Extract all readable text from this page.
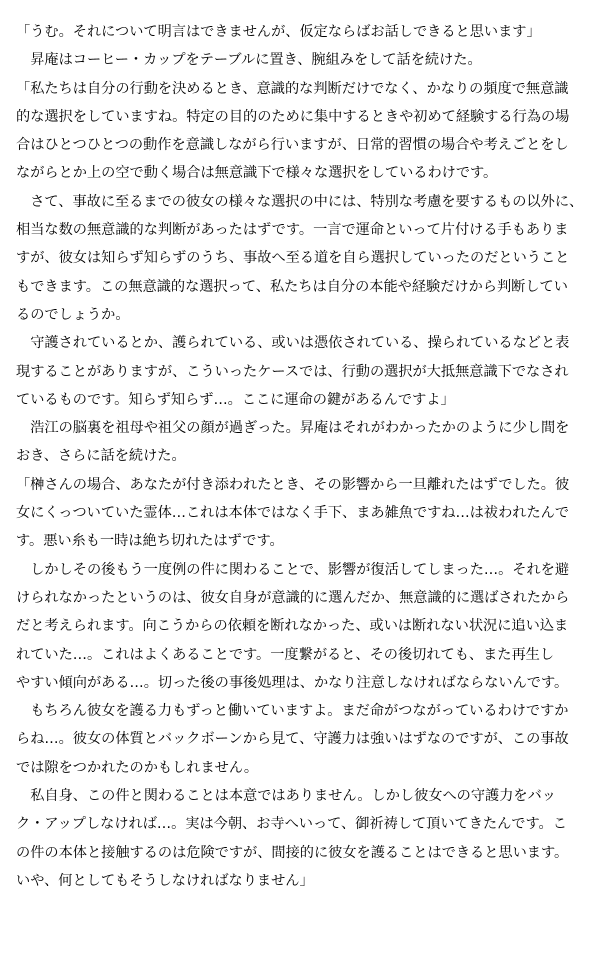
「うむ。それについて明言はできませんが、仮定ならばお話しできると思います」

　昇庵はコーヒー・カップをテーブルに置き、腕組みをして話を続けた。

「私たちは自分の行動を決めるとき、意識的な判断だけでなく、かなりの頻度で無意識
的な選択をしていますね。特定の目的のために集中するときや初めて経験する行為の場
合はひとつひとつの動作を意識しながら行いますが、日常的習慣の場合や考えごとをし
ながらとか上の空で動く場合は無意識下で様々な選択をしているわけです。

　さて、事故に至るまでの彼女の様々な選択の中には、特別な考慮を要するもの以外に、
相当な数の無意識的な判断があったはずです。一言で運命といって片付ける手もありま
すが、彼女は知らず知らずのうち、事故へ至る道を自ら選択していったのだということ
もできます。この無意識的な選択って、私たちは自分の本能や経験だけから判断してい
るのでしょうか。

　守護されているとか、護られている、或いは憑依されている、操られているなどと表
現することがありますが、こういったケースでは、行動の選択が大抵無意識下でなされ
ているものです。知らず知らず…。ここに運命の鍵があるんですよ」

　浩江の脳裏を祖母や祖父の顔が過ぎった。昇庵はそれがわかったかのように少し間を
おき、さらに話を続けた。

「榊さんの場合、あなたが付き添われたとき、その影響から一旦離れたはずでした。彼
女にくっついていた霊体…これは本体ではなく手下、まあ雑魚ですね…は祓われたんで
す。悪い糸も一時は絶ち切れたはずです。

　しかしその後もう一度例の件に関わることで、影響が復活してしまった…。それを避
けられなかったというのは、彼女自身が意識的に選んだか、無意識的に選ばされたから
だと考えられます。向こうからの依頼を断れなかった、或いは断れない状況に追い込ま
れていた…。これはよくあることです。一度
繋がると、その後切れても、また再生し
やすい傾向がある…。切った後の事後処理は、かなり注意しなければならないんです。

　もちろん彼女を護る力もずっと働いていますよ。まだ命がつながっているわけですか
らね…。彼女の体質とバックボーンから見て、守護力は強いはずなのですが、この事故
では隙をつかれたのかもしれません。

　私自身、この件と関わることは本意ではありません。しかし彼女への守護力をバッ
ク・アップしなければ…。実は今朝、お寺へいって、御祈祷して頂いてきたんです。こ
の件の本体と接触するのは危険ですが、間接的に彼女を護ることはできると思います。
いや、何としてもそうしなければなりません」
